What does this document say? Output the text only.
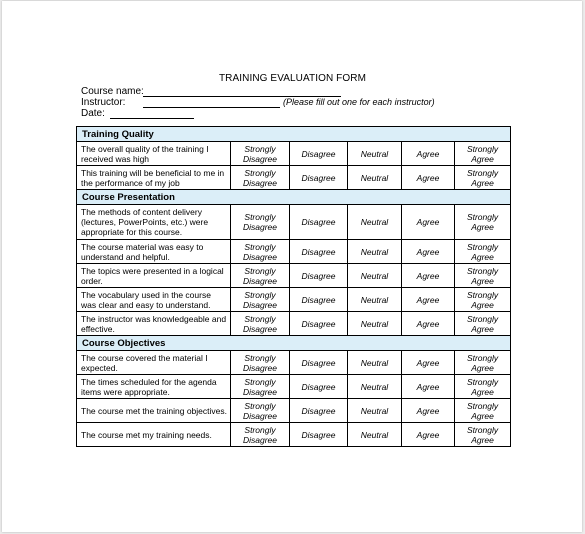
TRAINING EVALUATION FORM
Course name:
Instructor:	(Please fill out one for each instructor)
Date:
Training Quality					
The overall quality of the training I received was high	Strongly Disagree	Disagree	Neutral	Agree	Strongly Agree
This training will be beneficial to me in the performance of my job	Strongly Disagree	Disagree	Neutral	Agree	Strongly Agree
Course Presentation					
The methods of content delivery (lectures, PowerPoints, etc.) were appropriate for this course.	Strongly Disagree	Disagree	Neutral	Agree	Strongly Agree
The course material was easy to understand and helpful.	Strongly Disagree	Disagree	Neutral	Agree	Strongly Agree
The topics were presented in a logical order.	Strongly Disagree	Disagree	Neutral	Agree	Strongly Agree
The vocabulary used in the course was clear and easy to understand.	Strongly Disagree	Disagree	Neutral	Agree	Strongly Agree
The instructor was knowledgeable and effective.	Strongly Disagree	Disagree	Neutral	Agree	Strongly Agree
Course Objectives					
The course covered the material I expected.	Strongly Disagree	Disagree	Neutral	Agree	Strongly Agree
The times scheduled for the agenda items were appropriate.	Strongly Disagree	Disagree	Neutral	Agree	Strongly Agree
The course met the training objectives.	Strongly Disagree	Disagree	Neutral	Agree	Strongly Agree
The course met my training needs.	Strongly Disagree	Disagree	Neutral	Agree	Strongly Agree
